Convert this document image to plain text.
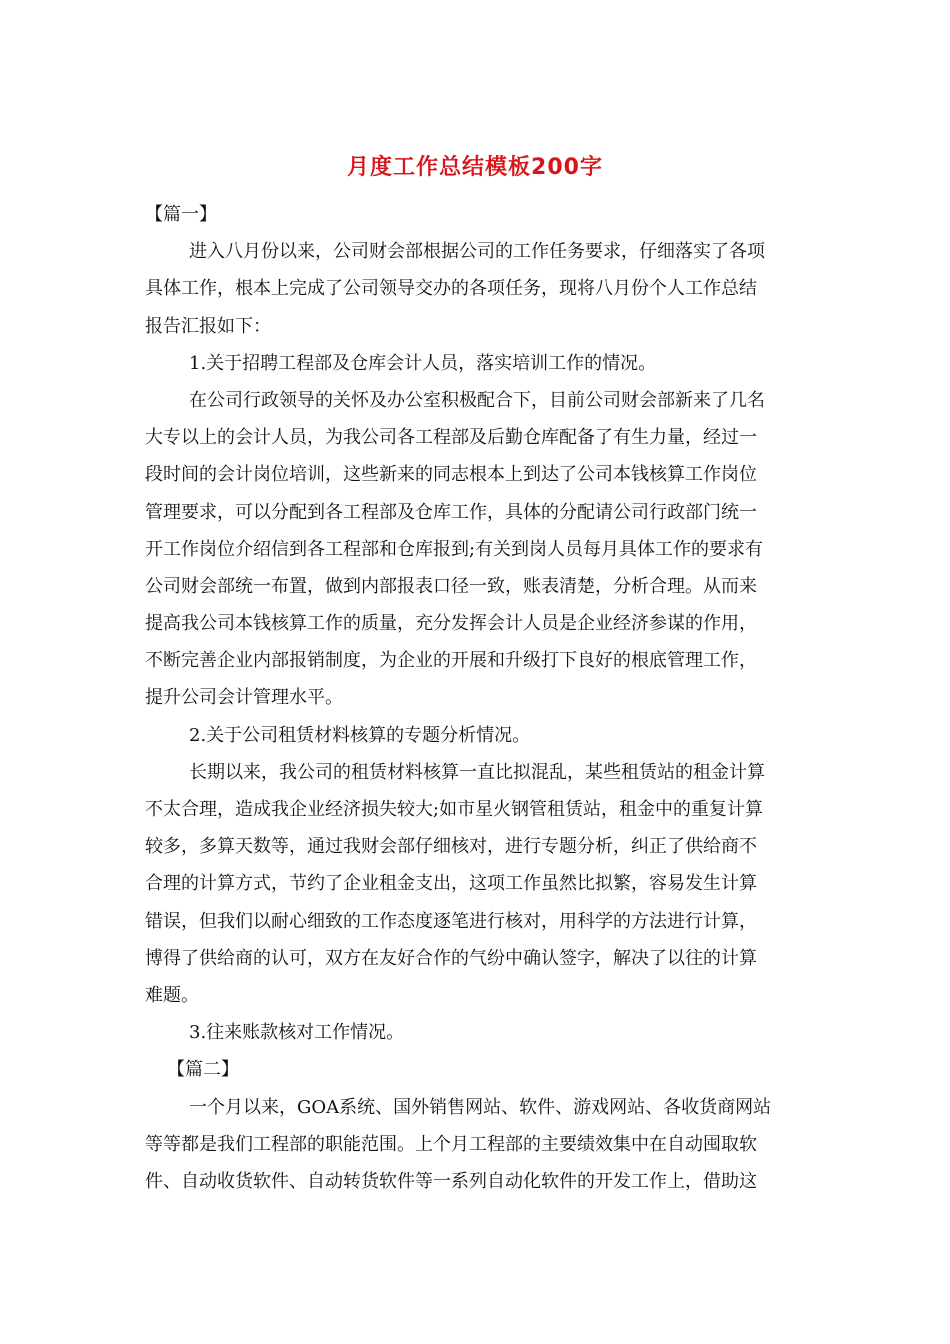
月度工作总结模板200字
【篇一】
进入八月份以来，公司财会部根据公司的工作任务要求，仔细落实了各项
具体工作，根本上完成了公司领导交办的各项任务，现将八月份个人工作总结
报告汇报如下：
1.关于招聘工程部及仓库会计人员，落实培训工作的情况。
在公司行政领导的关怀及办公室积极配合下，目前公司财会部新来了几名
大专以上的会计人员，为我公司各工程部及后勤仓库配备了有生力量，经过一
段时间的会计岗位培训，这些新来的同志根本上到达了公司本钱核算工作岗位
管理要求，可以分配到各工程部及仓库工作，具体的分配请公司行政部门统一
开工作岗位介绍信到各工程部和仓库报到;有关到岗人员每月具体工作的要求有
公司财会部统一布置，做到内部报表口径一致，账表清楚，分析合理。从而来
提高我公司本钱核算工作的质量，充分发挥会计人员是企业经济参谋的作用，
不断完善企业内部报销制度，为企业的开展和升级打下良好的根底管理工作，
提升公司会计管理水平。
2.关于公司租赁材料核算的专题分析情况。
长期以来，我公司的租赁材料核算一直比拟混乱，某些租赁站的租金计算
不太合理，造成我企业经济损失较大;如市星火钢管租赁站，租金中的重复计算
较多，多算天数等，通过我财会部仔细核对，进行专题分析，纠正了供给商不
合理的计算方式，节约了企业租金支出，这项工作虽然比拟繁，容易发生计算
错误，但我们以耐心细致的工作态度逐笔进行核对，用科学的方法进行计算，
博得了供给商的认可，双方在友好合作的气纷中确认签字，解决了以往的计算
难题。
3.往来账款核对工作情况。
【篇二】
一个月以来，GOA系统、国外销售网站、软件、游戏网站、各收货商网站
等等都是我们工程部的职能范围。上个月工程部的主要绩效集中在自动囤取软
件、自动收货软件、自动转货软件等一系列自动化软件的开发工作上，借助这
